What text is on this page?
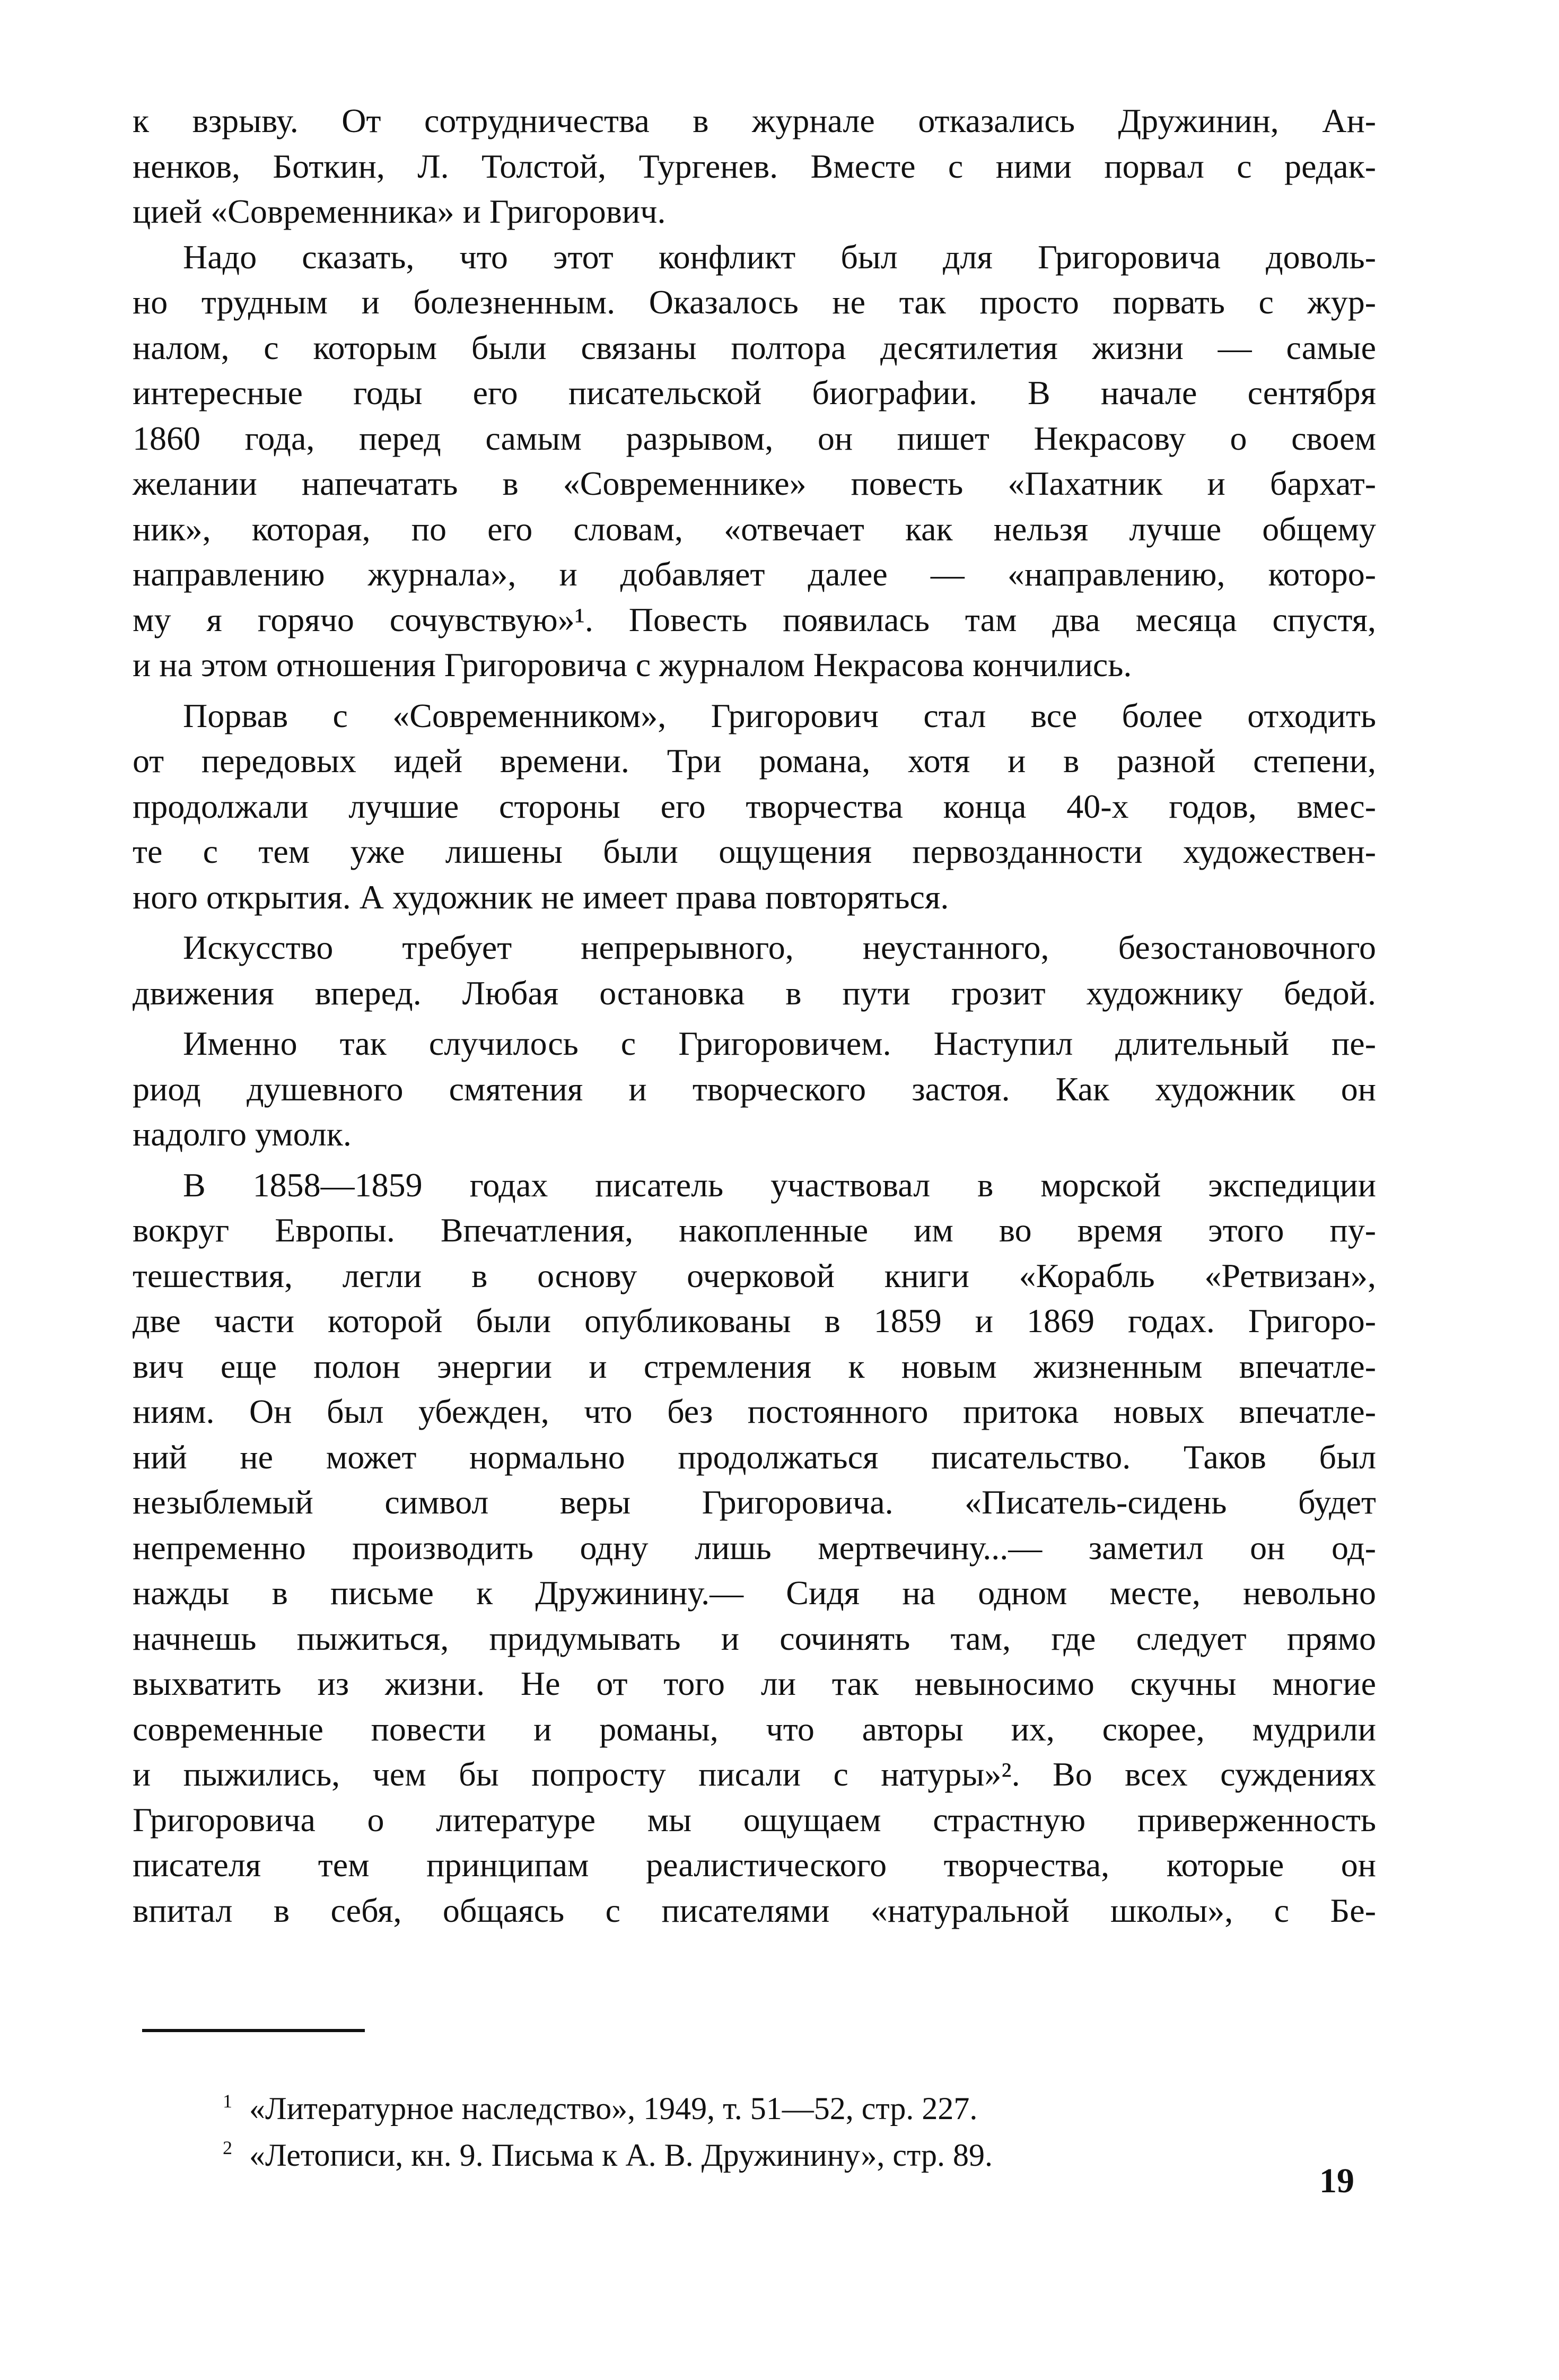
к взрыву. От сотрудничества в журнале отказались Дружинин, Ан-
ненков, Боткин, Л. Толстой, Тургенев. Вместе с ними порвал с редак-
цией «Современника» и Григорович.
Надо сказать, что этот конфликт был для Григоровича доволь-
но трудным и болезненным. Оказалось не так просто порвать с жур-
налом, с которым были связаны полтора десятилетия жизни — самые
интересные годы его писательской биографии. В начале сентября
1860 года, перед самым разрывом, он пишет Некрасову о своем
желании напечатать в «Современнике» повесть «Пахатник и бархат-
ник», которая, по его словам, «отвечает как нельзя лучше общему
направлению журнала», и добавляет далее — «направлению, которо-
му я горячо сочувствую»¹. Повесть появилась там два месяца спустя,
и на этом отношения Григоровича с журналом Некрасова кончились.
Порвав с «Современником», Григорович стал все более отходить
от передовых идей времени. Три романа, хотя и в разной степени,
продолжали лучшие стороны его творчества конца 40-х годов, вмес-
те с тем уже лишены были ощущения первозданности художествен-
ного открытия. А художник не имеет права повторяться.
Искусство требует непрерывного, неустанного, безостановочного
движения вперед. Любая остановка в пути грозит художнику бедой.
Именно так случилось с Григоровичем. Наступил длительный пе-
риод душевного смятения и творческого застоя. Как художник он
надолго умолк.
В 1858—1859 годах писатель участвовал в морской экспедиции
вокруг Европы. Впечатления, накопленные им во время этого пу-
тешествия, легли в основу очерковой книги «Корабль «Ретвизан»,
две части которой были опубликованы в 1859 и 1869 годах. Григоро-
вич еще полон энергии и стремления к новым жизненным впечатле-
ниям. Он был убежден, что без постоянного притока новых впечатле-
ний не может нормально продолжаться писательство. Таков был
незыблемый символ веры Григоровича. «Писатель-сидень будет
непременно производить одну лишь мертвечину...— заметил он од-
нажды в письме к Дружинину.— Сидя на одном месте, невольно
начнешь пыжиться, придумывать и сочинять там, где следует прямо
выхватить из жизни. Не от того ли так невыносимо скучны многие
современные повести и романы, что авторы их, скорее, мудрили
и пыжились, чем бы попросту писали с натуры»². Во всех суждениях
Григоровича о литературе мы ощущаем страстную приверженность
писателя тем принципам реалистического творчества, которые он
впитал в себя, общаясь с писателями «натуральной школы», с Бе-
1 «Литературное наследство», 1949, т. 51—52, стр. 227.
2 «Летописи, кн. 9. Письма к А. В. Дружинину», стр. 89.
19
